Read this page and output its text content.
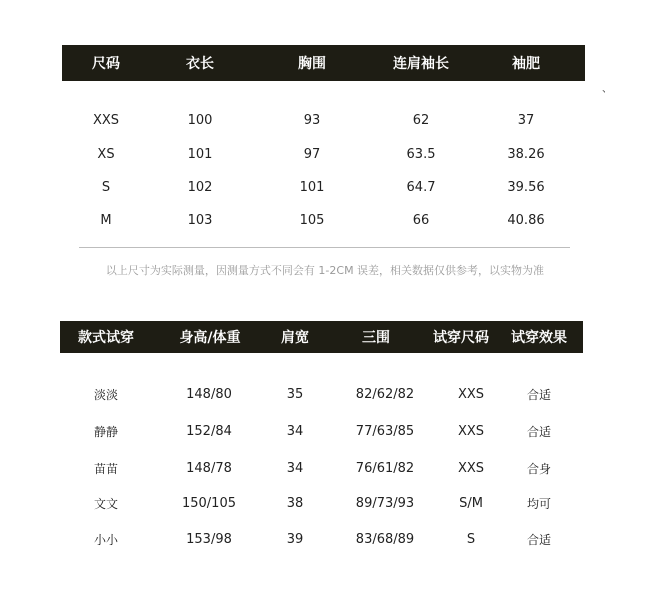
尺码	衣长	胸围	连肩袖长	袖肥
、
XXS	100	93	62	37
XS	101	97	63.5	38.26
S	102	101	64.7	39.56
M	103	105	66	40.86
以上尺寸为实际测量，因测量方式不同会有 1-2CM 误差，相关数据仅供参考，以实物为准
款式试穿	身高/体重	肩宽	三围	试穿尺码 试穿效果
淡淡	148/80	35	82/62/82	XXS	合适
静静	152/84	34	77/63/85	XXS	合适
苗苗	148/78	34	76/61/82	XXS	合身
文文	150/105	38	89/73/93	S/M	均可
小小	153/98	39	83/68/89	S	合适
